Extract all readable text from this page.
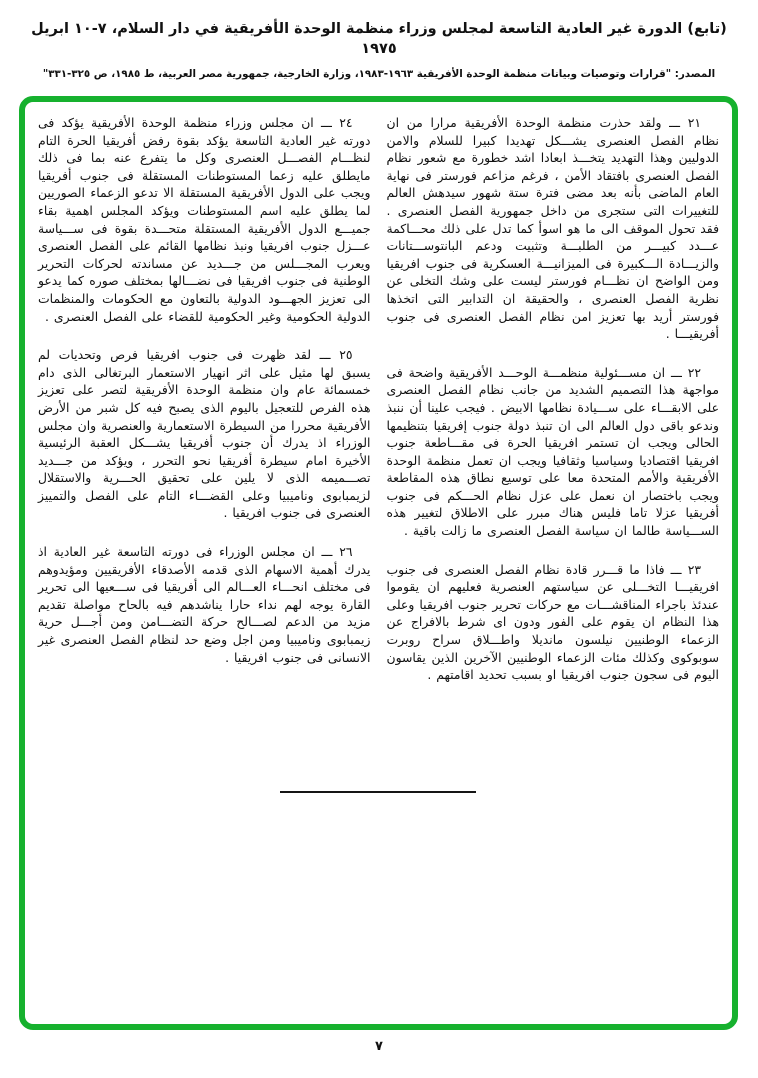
(تابع) الدورة غير العادية التاسعة لمجلس وزراء منظمة الوحدة الأفريقية في دار السلام، ٧-١٠ ابريل ١٩٧٥
المصدر: "قرارات وتوصيات وبيانات منظمة الوحدة الأفريقية ١٩٦٣-١٩٨٣، وزارة الخارجية، جمهورية مصر العربية، ط ١٩٨٥، ص ٣٢٥-٣٣١"

٢١ ـــ ولقد حذرت منظمة الوحدة الأفريقية مرارا من ان نظام الفصل العنصرى يشـــكل تهديدا كبيرا للسلام والامن الدوليين وهذا التهديد يتخـــذ ابعادا اشد خطورة مع شعور نظام الفصل العنصرى بافتقاد الأمن ، فرغم مزاعم فورستر فى نهاية العام الماضى بأنه بعد مضى فترة ستة شهور سيدهش العالم للتغييرات التى ستجرى من داخل جمهورية الفصل العنصرى . فقد تحول الموقف الى ما هو اسوأ كما تدل على ذلك محـــاكمة عـــدد كبيـــر من الطلبـــة وتثبيت ودعم البانتوســـتانات والزيـــادة الـــكبيرة فى الميزانيـــة العسكرية فى جنوب افريقيا ومن الواضح ان نظـــام فورستر ليست على وشك التخلى عن نظرية الفصل العنصرى ، والحقيقة ان التدابير التى اتخذها فورستر أريد بها تعزيز امن نظام الفصل العنصرى فى جنوب أفريقيـــا .

٢٢ ـــ ان مســـئولية منظمـــة الوحـــد الأفريقية واضحة فى مواجهة هذا التصميم الشديد من جانب نظام الفصل العنصرى على الابقـــاء على ســـيادة نظامها الابيض . فيجب علينا أن ننبذ وندعو باقى دول العالم الى ان تنبذ دولة جنوب إفريقيا بتنظيمها الحالى ويجب ان تستمر افريقيا الحرة فى مقـــاطعة جنوب افريقيا اقتصاديا وسياسيا وثقافيا ويجب ان تعمل منظمة الوحدة الأفريقية والأمم المتحدة معا على توسيع نطاق هذه المقاطعة ويجب باختصار ان نعمل على عزل نظام الحـــكم فى جنوب أفريقيا عزلا تاما فليس هناك مبرر على الاطلاق لتغيير هذه الســـياسة طالما ان سياسة الفصل العنصرى ما زالت باقية .

٢٣ ـــ فاذا ما قـــرر قادة نظام الفصل العنصرى فى جنوب افريقيـــا التخـــلى عن سياستهم العنصرية فعليهم ان يقوموا عندئذ باجراء المناقشـــات مع حركات تحرير جنوب افريقيا وعلى هذا النظام ان يقوم على الفور ودون اى شرط بالافراج عن الزعماء الوطنيين نيلسون مانديلا واطـــلاق سراح روبرت سوبوكوى وكذلك مئات الزعماء الوطنيين الآخرين الذين يقاسون اليوم فى سجون جنوب افريقيا او بسبب تحديد اقامتهم .

٢٤ ـــ ان مجلس وزراء منظمة الوحدة الأفريقية يؤكد فى دورته غير العادية التاسعة يؤكد بقوة رفض أفريقيا الحرة التام لنظـــام الفصـــل العنصرى وكل ما يتفرع عنه بما فى ذلك مايطلق عليه زعما المستوطنات المستقلة فى جنوب أفريقيا ويجب على الدول الأفريقية المستقلة الا تدعو الزعماء الصوريين لما يطلق عليه اسم المستوطنات ويؤكد المجلس اهمية بقاء جميـــع الدول الأفريقية المستقلة متحـــدة بقوة فى ســـياسة عـــزل جنوب افريقيا ونبذ نظامها القائم على الفصل العنصرى ويعرب المجـــلس من جـــديد عن مساندته لحركات التحرير الوطنية فى جنوب افريقيا فى نضـــالها بمختلف صوره كما يدعو الى تعزيز الجهـــود الدولية بالتعاون مع الحكومات والمنظمات الدولية الحكومية وغير الحكومية للقضاء على الفصل العنصرى .

٢٥ ـــ لقد ظهرت فى جنوب افريقيا فرص وتحديات لم يسبق لها مثيل على اثر انهيار الاستعمار البرتغالى الذى دام خمسمائة عام وان منظمة الوحدة الأفريقية لتصر على تعزيز هذه الفرص للتعجيل باليوم الذى يصبح فيه كل شبر من الأرض الأفريقية محررا من السيطرة الاستعمارية والعنصرية وان مجلس الوزراء اذ يدرك أن جنوب أفريقيا يشـــكل العقبة الرئيسية الأخيرة امام سيطرة أفريقيا نحو التحرر ، ويؤكد من جـــديد تصـــميمه الذى لا يلين على تحقيق الحـــرية والاستقلال لزيمبابوى وناميبيا وعلى القضـــاء التام على الفصل والتمييز العنصرى فى جنوب افريقيا .

٢٦ ـــ ان مجلس الوزراء فى دورته التاسعة غير العادية اذ يدرك أهمية الاسهام الذى قدمه الأصدقاء الأفريقيين ومؤيدوهم فى مختلف انحـــاء العـــالم الى أفريقيا فى ســـعيها الى تحرير القارة يوجه لهم نداء حارا يناشدهم فيه بالحاح مواصلة تقديم مزيد من الدعم لصـــالح حركة التضـــامن ومن أجـــل حرية زيمبابوى وناميبيا ومن اجل وضع حد لنظام الفصل العنصرى غير الانسانى فى جنوب افريقيا .

٧
